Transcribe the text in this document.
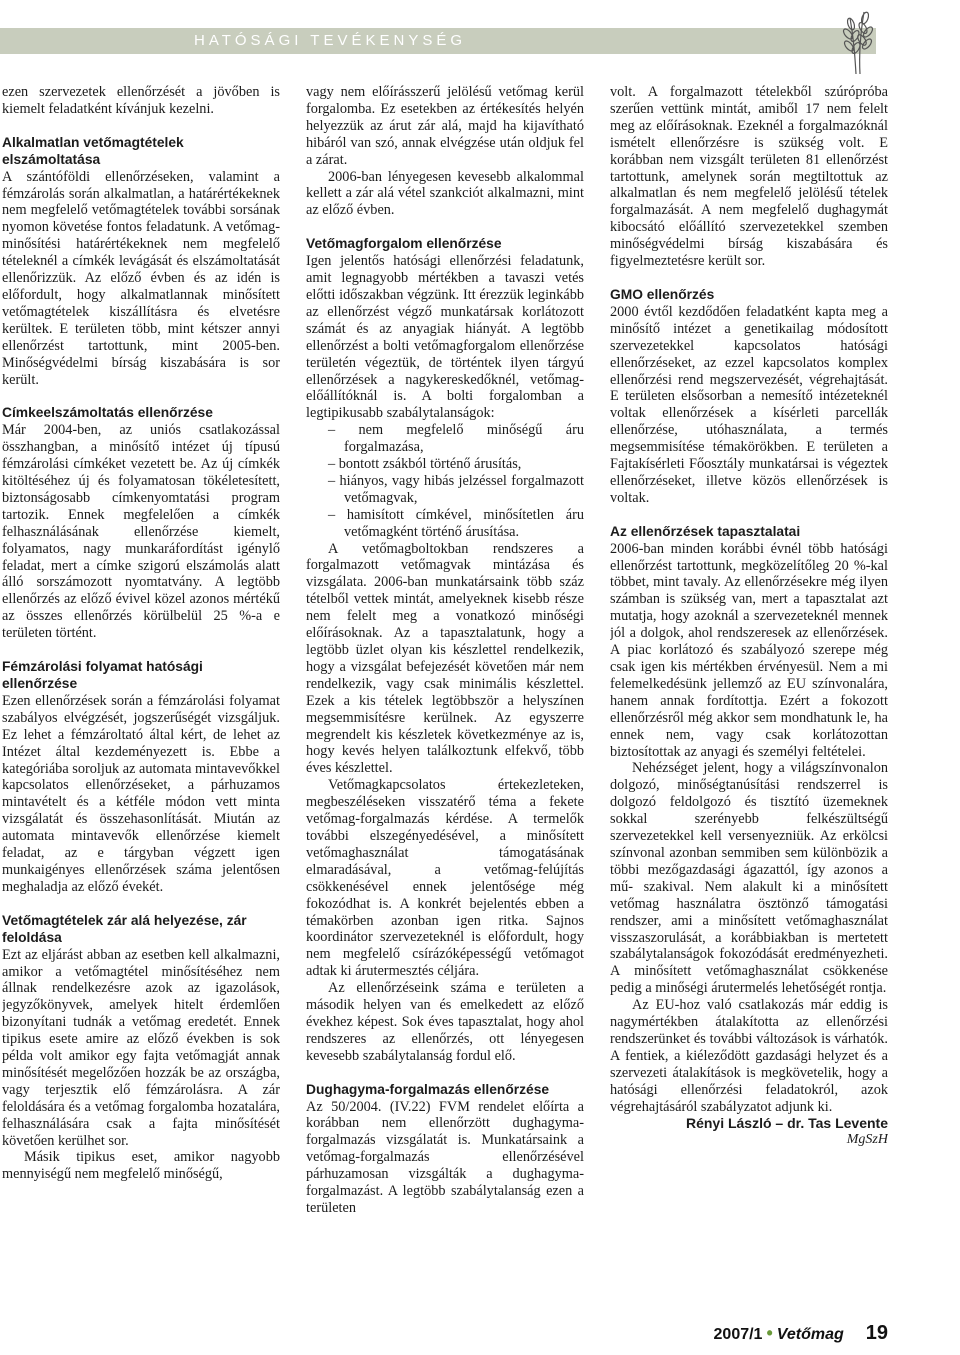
HATÓSÁGI TEVÉKENYSÉG

ezen szervezetek ellenőrzését a jövőben is kiemelt feladatként kívánjuk kezelni.

Alkalmatlan vetőmagtételek elszámoltatása

A szántóföldi ellenőrzéseken, valamint a fémzárolás során alkalmatlan, a határértékeknek nem megfelelő vetőmagtételek további sorsának nyomon követése fontos feladatunk. A vetőmag-minősítési határértékeknek nem megfelelő tételeknél a címkék levágását és elszámoltatását ellenőrizzük. Az előző évben és az idén is előfordult, hogy alkalmatlannak minősített vetőmagtételek kiszállításra és elvetésre kerültek. E területen több, mint kétszer annyi ellenőrzést tartottunk, mint 2005-ben. Minőségvédelmi bírság kiszabására is sor került.

Címkeelszámoltatás ellenőrzése

Már 2004-ben, az uniós csatlakozással összhangban, a minősítő intézet új típusú fémzárolási címkéket vezetett be. Az új címkék kitöltéséhez új és folyamatosan tökéletesített, biztonságosabb címkenyomtatási program tartozik. Ennek megfelelően a címkék felhasználásának ellenőrzése kiemelt, folyamatos, nagy munkaráfordítást igénylő feladat, mert a címke szigorú elszámolás alatt álló sorszámozott nyomtatvány. A legtöbb ellenőrzés az előző évivel közel azonos mértékű az összes ellenőrzés körülbelül 25 %-a e területen történt.

Fémzárolási folyamat hatósági ellenőrzése

Ezen ellenőrzések során a fémzárolási folyamat szabályos elvégzését, jogszerűségét vizsgáljuk. Ez lehet a fémzároltató által kért, de lehet az Intézet által kezdeményezett is. Ebbe a kategóriába soroljuk az automata mintavevőkkel kapcsolatos ellenőrzéseket, a párhuzamos mintavételt és a kétféle módon vett minta vizsgálatát és összehasonlítását. Miután az automata mintavevők ellenőrzése kiemelt feladat, az e tárgyban végzett igen munkaigényes ellenőrzések száma jelentősen meghaladja az előző évekét.

Vetőmagtételek zár alá helyezése, zár feloldása

Ezt az eljárást abban az esetben kell alkalmazni, amikor a vetőmagtétel minősítéséhez nem állnak rendelkezésre azok az igazolások, jegyzőkönyvek, amelyek hitelt érdemlően bizonyítani tudnák a vetőmag eredetét. Ennek tipikus esete amire az előző években is sok példa volt amikor egy fajta vetőmagját annak minősítését megelőzően hozzák be az országba, vagy terjesztik elő fémzárolásra. A zár feloldására és a vetőmag forgalomba hozatalára, felhasználására csak a fajta minősítését követően kerülhet sor.

Másik tipikus eset, amikor nagyobb mennyiségű nem megfelelő minőségű,

vagy nem előírásszerű jelölésű vetőmag kerül forgalomba. Ez esetekben az értékesítés helyén helyezzük az árut zár alá, majd ha kijavítható hibáról van szó, annak elvégzése után oldjuk fel a zárat.

2006-ban lényegesen kevesebb alkalommal kellett a zár alá vétel szankciót alkalmazni, mint az előző évben.

Vetőmagforgalom ellenőrzése

Igen jelentős hatósági ellenőrzési feladatunk, amit legnagyobb mértékben a tavaszi vetés előtti időszakban végzünk. Itt érezzük leginkább az ellenőrzést végző munkatársak korlátozott számát és az anyagiak hiányát. A legtöbb ellenőrzést a bolti vetőmagforgalom ellenőrzése területén végeztük, de történtek ilyen tárgyú ellenőrzések a nagykereskedőknél, vetőmag-előállítóknál is. A bolti forgalomban a legtipikusabb szabálytalanságok:

– nem megfelelő minőségű áru forgalmazása,
– bontott zsákból történő árusítás,
– hiányos, vagy hibás jelzéssel forgalmazott vetőmagvak,
– hamisított címkével, minősítetlen áru vetőmagként történő árusítása.

A vetőmagboltokban rendszeres a forgalmazott vetőmagvak mintázása és vizsgálata. 2006-ban munkatársaink több száz tételből vettek mintát, amelyeknek kisebb része nem felelt meg a vonatkozó minőségi előírásoknak. Az a tapasztalatunk, hogy a legtöbb üzlet olyan kis készlettel rendelkezik, hogy a vizsgálat befejezését követően már nem rendelkezik, vagy csak minimális készlettel. Ezek a kis tételek legtöbbször a helyszínen megsemmisítésre kerülnek. Az egyszerre megrendelt kis készletek következménye az is, hogy kevés helyen találkoztunk elfekvő, több éves készlettel.

Vetőmagkapcsolatos értekezleteken, megbeszéléseken visszatérő téma a fekete vetőmag-forgalmazás kérdése. A termelők további elszegényedésével, a minősített vetőmaghasználat támogatásának elmaradásával, a vetőmag-felújítás csökkenésével ennek jelentősége még fokozódhat is. A konkrét bejelentés ebben a témakörben azonban igen ritka. Sajnos koordinátor szervezeteknél is előfordult, hogy nem megfelelő csírázóképességű vetőmagot adtak ki árutermesztés céljára.

Az ellenőrzéseink száma e területen a második helyen van és emelkedett az előző évekhez képest. Sok éves tapasztalat, hogy ahol rendszeres az ellenőrzés, ott lényegesen kevesebb szabálytalanság fordul elő.

Dughagyma-forgalmazás ellenőrzése

Az 50/2004. (IV.22) FVM rendelet előírta a korábban nem ellenőrzött dughagyma-forgalmazás vizsgálatát is. Munkatársaink a vetőmag-forgalmazás ellenőrzésével párhuzamosan vizsgálták a dughagyma-forgalmazást. A legtöbb szabálytalanság ezen a területen

volt. A forgalmazott tételekből szúrópróba szerűen vettünk mintát, amiből 17 nem felelt meg az előírásoknak. Ezeknél a forgalmazóknál ismételt ellenőrzésre is szükség volt. E korábban nem vizsgált területen 81 ellenőrzést tartottunk, amelynek során megtiltottuk az alkalmatlan és nem megfelelő jelölésű tételek forgalmazását. A nem megfelelő dughagymát kibocsátó előállító szervezetekkel szemben minőségvédelmi bírság kiszabására és figyelmeztetésre került sor.

GMO ellenőrzés

2000 évtől kezdődően feladatként kapta meg a minősítő intézet a genetikailag módosított szervezetekkel kapcsolatos hatósági ellenőrzéseket, az ezzel kapcsolatos komplex ellenőrzési rend megszervezését, végrehajtását. E területen elsősorban a nemesítő intézeteknél voltak ellenőrzések a kísérleti parcellák ellenőrzése, utóhasználata, a termés megsemmisítése témakörökben. E területen a Fajtakísérleti Főosztály munkatársai is végeztek ellenőrzéseket, illetve közös ellenőrzések is voltak.

Az ellenőrzések tapasztalatai

2006-ban minden korábbi évnél több hatósági ellenőrzést tartottunk, megközelítőleg 20 %-kal többet, mint tavaly. Az ellenőrzésekre még ilyen számban is szükség van, mert a tapasztalat azt mutatja, hogy azoknál a szervezeteknél mennek jól a dolgok, ahol rendszeresek az ellenőrzések. A piac korlátozó és szabályozó szerepe még csak igen kis mértékben érvényesül. Nem a mi felemelkedésünk jellemző az EU színvonalára, hanem annak fordítottja. Ezért a fokozott ellenőrzésről még akkor sem mondhatunk le, ha ennek nem, vagy csak korlátozottan biztosítottak az anyagi és személyi feltételei.

Nehézséget jelent, hogy a világszínvonalon dolgozó, minőségtanúsítási rendszerrel is dolgozó feldolgozó és tisztító üzemeknek sokkal szerényebb felkészültségű szervezetekkel kell versenyezniük. Az erkölcsi színvonal azonban semmiben sem különbözik a többi mezőgazdasági ágazattól, így azonos a mű- szakival. Nem alakult ki a minősített vetőmag használatra ösztönző támogatási rendszer, ami a minősített vetőmaghasználat visszaszorulását, a korábbiakban is mertetett szabálytalanságok fokozódását eredményezheti. A minősített vetőmaghasználat csökkenése pedig a minőségi árutermelés lehetőségét rontja.

Az EU-hoz való csatlakozás már eddig is nagymértékben átalakította az ellenőrzési rendszerünket és további változások is várhatók. A fentiek, a kiéleződött gazdasági helyzet és a szervezeti átalakítások is megkövetelik, hogy a hatósági ellenőrzési feladatokról, azok végrehajtásáról szabályzatot adjunk ki.

Rényi László – dr. Tas Levente

MgSzH

2007/1 • Vetőmag 19
